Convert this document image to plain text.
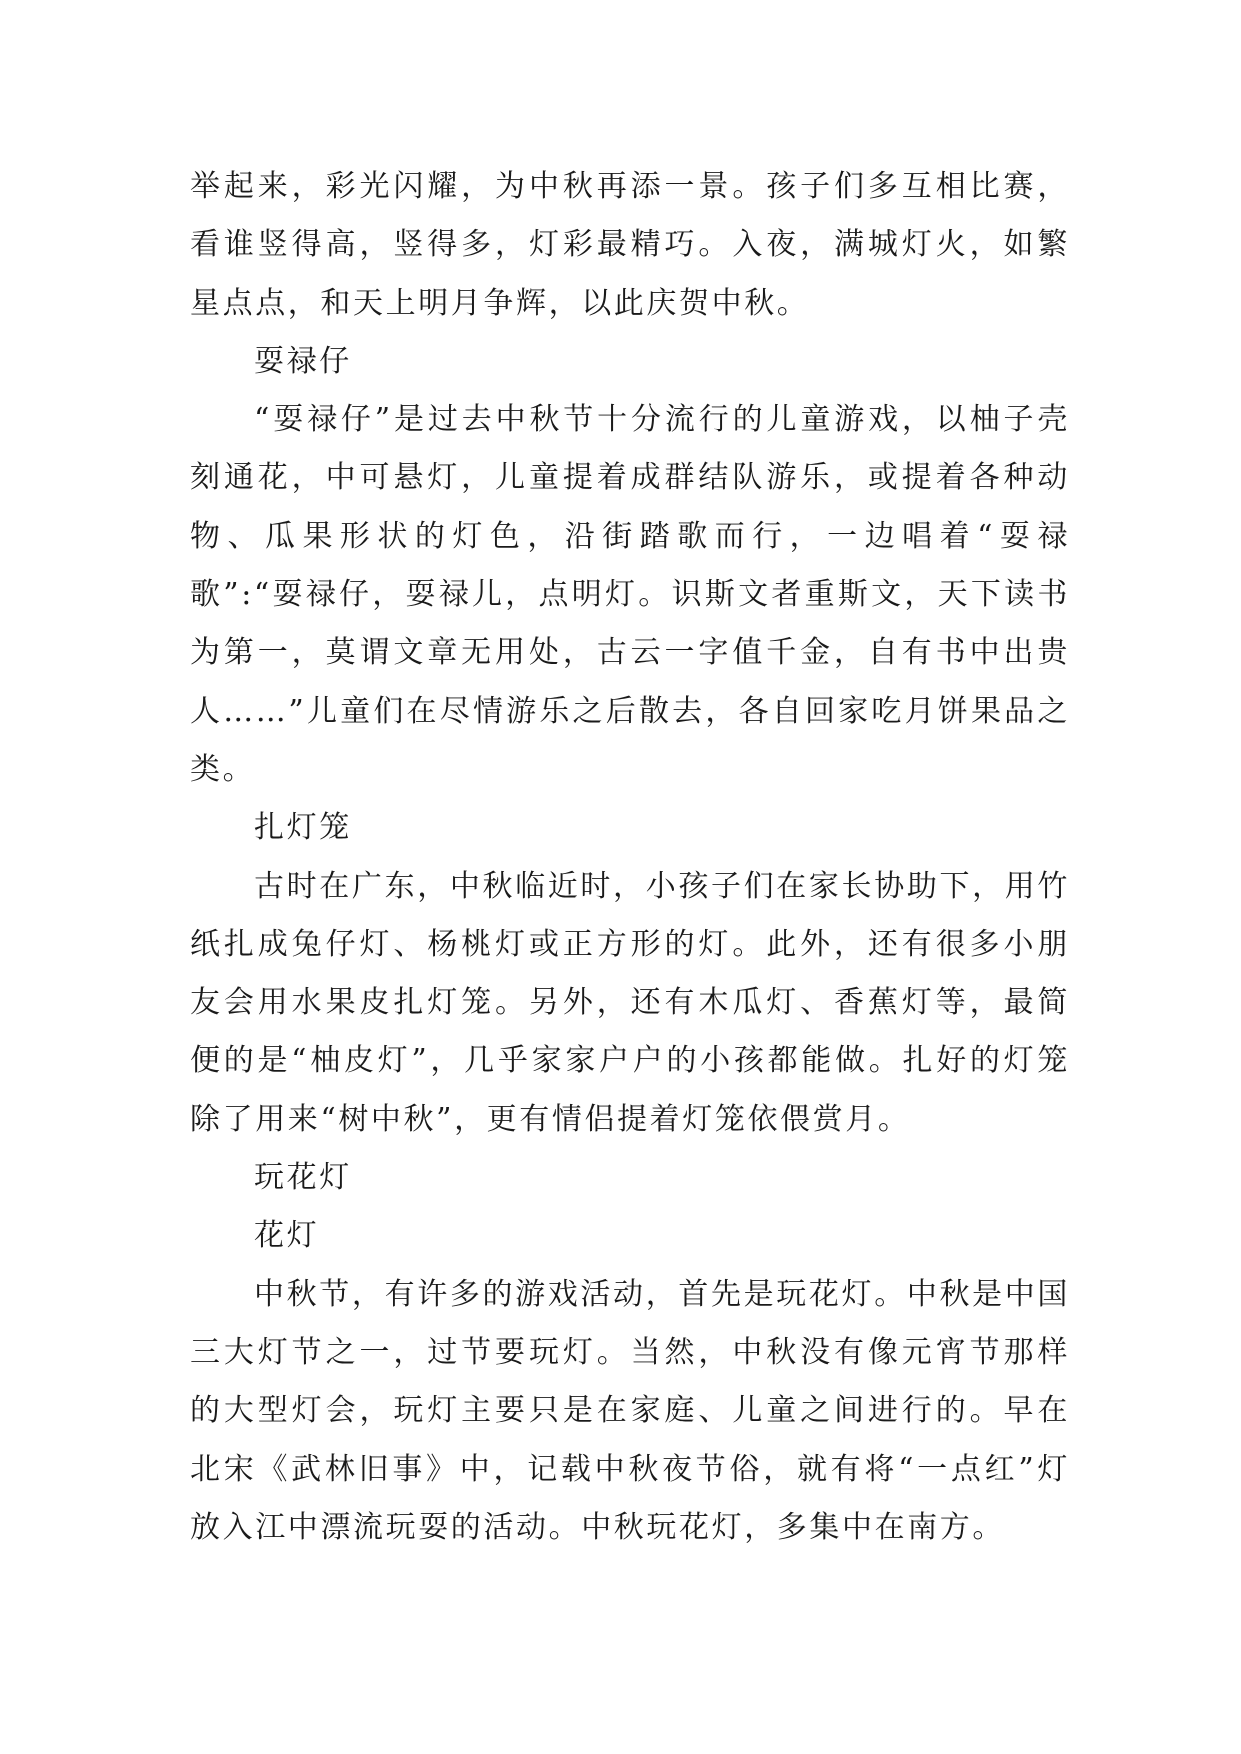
举起来，彩光闪耀，为中秋再添一景。孩子们多互相比赛，看谁竖得高，竖得多，灯彩最精巧。入夜，满城灯火，如繁星点点，和天上明月争辉，以此庆贺中秋。

耍禄仔

“耍禄仔”是过去中秋节十分流行的儿童游戏，以柚子壳刻通花，中可悬灯，儿童提着成群结队游乐，或提着各种动物、瓜果形状的灯色，沿街踏歌而行，一边唱着“耍禄歌”:“耍禄仔，耍禄儿，点明灯。识斯文者重斯文，天下读书为第一，莫谓文章无用处，古云一字值千金，自有书中出贵人……”儿童们在尽情游乐之后散去，各自回家吃月饼果品之类。

扎灯笼

古时在广东，中秋临近时，小孩子们在家长协助下，用竹纸扎成兔仔灯、杨桃灯或正方形的灯。此外，还有很多小朋友会用水果皮扎灯笼。另外，还有木瓜灯、香蕉灯等，最简便的是“柚皮灯”，几乎家家户户的小孩都能做。扎好的灯笼除了用来“树中秋”，更有情侣提着灯笼依偎赏月。

玩花灯

花灯

中秋节，有许多的游戏活动，首先是玩花灯。中秋是中国三大灯节之一，过节要玩灯。当然，中秋没有像元宵节那样的大型灯会，玩灯主要只是在家庭、儿童之间进行的。早在北宋《武林旧事》中，记载中秋夜节俗，就有将“一点红”灯放入江中漂流玩耍的活动。中秋玩花灯，多集中在南方。
